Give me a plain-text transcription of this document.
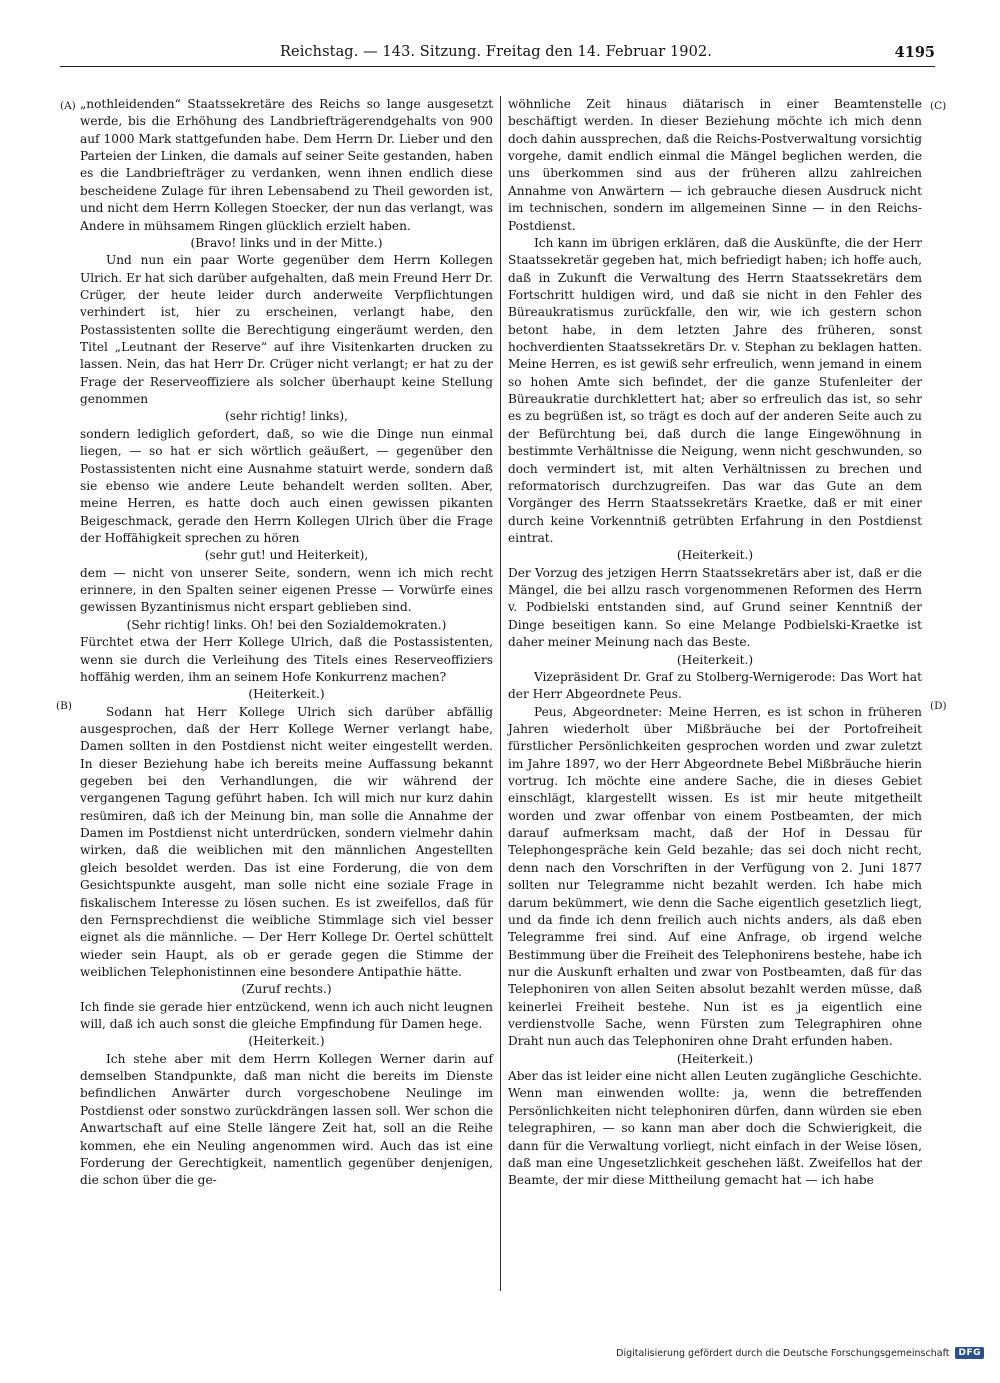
Reichstag. — 143. Sitzung. Freitag den 14. Februar 1902.	4195
(A)
(B)
(C)
(D)

„nothleidenden“ Staatssekretäre des Reichs so lange ausgesetzt werde, bis die Erhöhung des Landbriefträgerendgehalts von 900 auf 1000 Mark stattgefunden habe. Dem Herrn Dr. Lieber und den Parteien der Linken, die damals auf seiner Seite gestanden, haben es die Landbriefträger zu verdanken, wenn ihnen endlich diese bescheidene Zulage für ihren Lebensabend zu Theil geworden ist, und nicht dem Herrn Kollegen Stoecker, der nun das verlangt, was Andere in mühsamem Ringen glücklich erzielt haben.

(Bravo! links und in der Mitte.)

Und nun ein paar Worte gegenüber dem Herrn Kollegen Ulrich. Er hat sich darüber aufgehalten, daß mein Freund Herr Dr. Crüger, der heute leider durch anderweite Verpflichtungen verhindert ist, hier zu erscheinen, verlangt habe, den Postassistenten sollte die Berechtigung eingeräumt werden, den Titel „Leutnant der Reserve“ auf ihre Visitenkarten drucken zu lassen. Nein, das hat Herr Dr. Crüger nicht verlangt; er hat zu der Frage der Reserveoffiziere als solcher überhaupt keine Stellung genommen

(sehr richtig! links),

sondern lediglich gefordert, daß, so wie die Dinge nun einmal liegen, — so hat er sich wörtlich geäußert, — gegenüber den Postassistenten nicht eine Ausnahme statuirt werde, sondern daß sie ebenso wie andere Leute behandelt werden sollten. Aber, meine Herren, es hatte doch auch einen gewissen pikanten Beigeschmack, gerade den Herrn Kollegen Ulrich über die Frage der Hoffähigkeit sprechen zu hören

(sehr gut! und Heiterkeit),

dem — nicht von unserer Seite, sondern, wenn ich mich recht erinnere, in den Spalten seiner eigenen Presse — Vorwürfe eines gewissen Byzantinismus nicht erspart geblieben sind.

(Sehr richtig! links. Oh! bei den Sozialdemokraten.)

Fürchtet etwa der Herr Kollege Ulrich, daß die Postassistenten, wenn sie durch die Verleihung des Titels eines Reserveoffiziers hoffähig werden, ihm an seinem Hofe Konkurrenz machen?

(Heiterkeit.)

Sodann hat Herr Kollege Ulrich sich darüber abfällig ausgesprochen, daß der Herr Kollege Werner verlangt habe, Damen sollten in den Postdienst nicht weiter eingestellt werden. In dieser Beziehung habe ich bereits meine Auffassung bekannt gegeben bei den Verhandlungen, die wir während der vergangenen Tagung geführt haben. Ich will mich nur kurz dahin resümiren, daß ich der Meinung bin, man solle die Annahme der Damen im Postdienst nicht unterdrücken, sondern vielmehr dahin wirken, daß die weiblichen mit den männlichen Angestellten gleich besoldet werden. Das ist eine Forderung, die von dem Gesichtspunkte ausgeht, man solle nicht eine soziale Frage in fiskalischem Interesse zu lösen suchen. Es ist zweifellos, daß für den Fernsprechdienst die weibliche Stimmlage sich viel besser eignet als die männliche. — Der Herr Kollege Dr. Oertel schüttelt wieder sein Haupt, als ob er gerade gegen die Stimme der weiblichen Telephonistinnen eine besondere Antipathie hätte.

(Zuruf rechts.)

Ich finde sie gerade hier entzückend, wenn ich auch nicht leugnen will, daß ich auch sonst die gleiche Empfindung für Damen hege.

(Heiterkeit.)

Ich stehe aber mit dem Herrn Kollegen Werner darin auf demselben Standpunkte, daß man nicht die bereits im Dienste befindlichen Anwärter durch vorgeschobene Neulinge im Postdienst oder sonstwo zurückdrängen lassen soll. Wer schon die Anwartschaft auf eine Stelle längere Zeit hat, soll an die Reihe kommen, ehe ein Neuling angenommen wird. Auch das ist eine Forderung der Gerechtigkeit, namentlich gegenüber denjenigen, die schon über die ge-

wöhnliche Zeit hinaus diätarisch in einer Beamtenstelle beschäftigt werden. In dieser Beziehung möchte ich mich denn doch dahin aussprechen, daß die Reichs-Postverwaltung vorsichtig vorgehe, damit endlich einmal die Mängel beglichen werden, die uns überkommen sind aus der früheren allzu zahlreichen Annahme von Anwärtern — ich gebrauche diesen Ausdruck nicht im technischen, sondern im allgemeinen Sinne — in den Reichs-Postdienst.

Ich kann im übrigen erklären, daß die Auskünfte, die der Herr Staatssekretär gegeben hat, mich befriedigt haben; ich hoffe auch, daß in Zukunft die Verwaltung des Herrn Staatssekretärs dem Fortschritt huldigen wird, und daß sie nicht in den Fehler des Büreaukratismus zurückfalle, den wir, wie ich gestern schon betont habe, in dem letzten Jahre des früheren, sonst hochverdienten Staatssekretärs Dr. v. Stephan zu beklagen hatten. Meine Herren, es ist gewiß sehr erfreulich, wenn jemand in einem so hohen Amte sich befindet, der die ganze Stufenleiter der Büreaukratie durchklettert hat; aber so erfreulich das ist, so sehr es zu begrüßen ist, so trägt es doch auf der anderen Seite auch zu der Befürchtung bei, daß durch die lange Eingewöhnung in bestimmte Verhältnisse die Neigung, wenn nicht geschwunden, so doch vermindert ist, mit alten Verhältnissen zu brechen und reformatorisch durchzugreifen. Das war das Gute an dem Vorgänger des Herrn Staatssekretärs Kraetke, daß er mit einer durch keine Vorkenntniß getrübten Erfahrung in den Postdienst eintrat.

(Heiterkeit.)

Der Vorzug des jetzigen Herrn Staatssekretärs aber ist, daß er die Mängel, die bei allzu rasch vorgenommenen Reformen des Herrn v. Podbielski entstanden sind, auf Grund seiner Kenntniß der Dinge beseitigen kann. So eine Melange Podbielski-Kraetke ist daher meiner Meinung nach das Beste.

(Heiterkeit.)

Vizepräsident Dr. Graf zu Stolberg-Wernigerode: Das Wort hat der Herr Abgeordnete Peus.

Peus, Abgeordneter: Meine Herren, es ist schon in früheren Jahren wiederholt über Mißbräuche bei der Portofreiheit fürstlicher Persönlichkeiten gesprochen worden und zwar zuletzt im Jahre 1897, wo der Herr Abgeordnete Bebel Mißbräuche hierin vortrug. Ich möchte eine andere Sache, die in dieses Gebiet einschlägt, klargestellt wissen. Es ist mir heute mitgetheilt worden und zwar offenbar von einem Postbeamten, der mich darauf aufmerksam macht, daß der Hof in Dessau für Telephongespräche kein Geld bezahle; das sei doch nicht recht, denn nach den Vorschriften in der Verfügung von 2. Juni 1877 sollten nur Telegramme nicht bezahlt werden. Ich habe mich darum bekümmert, wie denn die Sache eigentlich gesetzlich liegt, und da finde ich denn freilich auch nichts anders, als daß eben Telegramme frei sind. Auf eine Anfrage, ob irgend welche Bestimmung über die Freiheit des Telephonirens bestehe, habe ich nur die Auskunft erhalten und zwar von Postbeamten, daß für das Telephoniren von allen Seiten absolut bezahlt werden müsse, daß keinerlei Freiheit bestehe. Nun ist es ja eigentlich eine verdienstvolle Sache, wenn Fürsten zum Telegraphiren ohne Draht nun auch das Telephoniren ohne Draht erfunden haben.

(Heiterkeit.)

Aber das ist leider eine nicht allen Leuten zugängliche Geschichte. Wenn man einwenden wollte: ja, wenn die betreffenden Persönlichkeiten nicht telephoniren dürfen, dann würden sie eben telegraphiren, — so kann man aber doch die Schwierigkeit, die dann für die Verwaltung vorliegt, nicht einfach in der Weise lösen, daß man eine Ungesetzlichkeit geschehen läßt. Zweifellos hat der Beamte, der mir diese Mittheilung gemacht hat — ich habe

Digitalisierung gefördert durch die Deutsche Forschungsgemeinschaft	DFG
